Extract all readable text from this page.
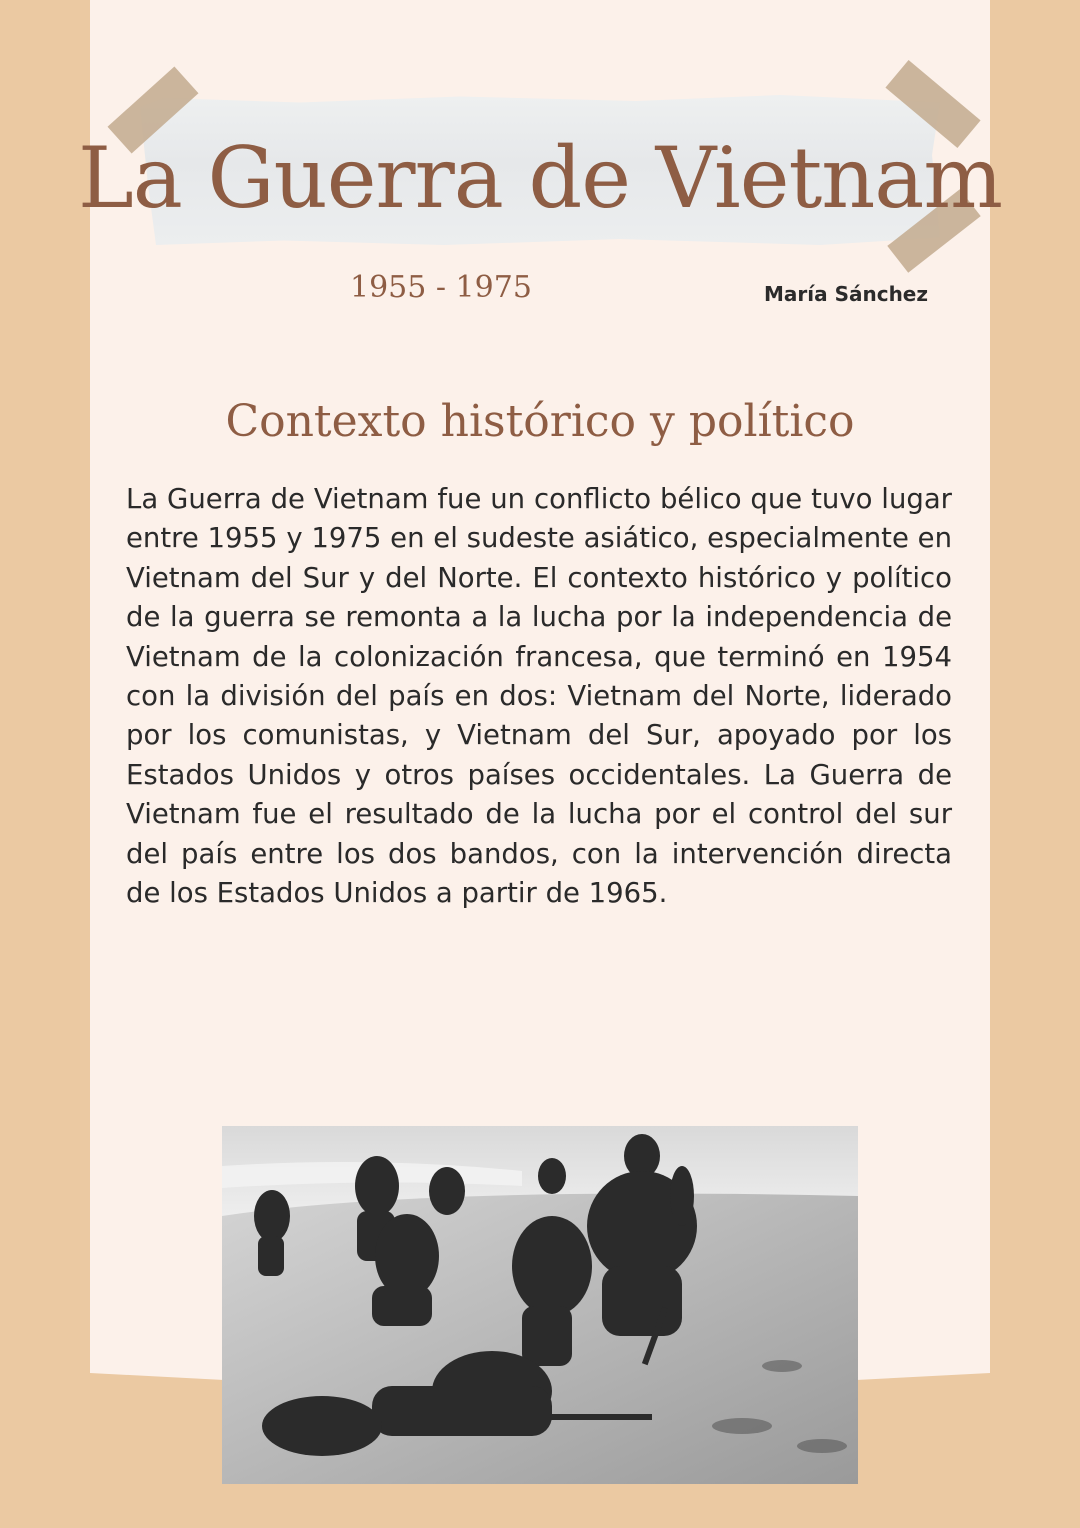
La Guerra de Vietnam
1955 - 1975	María Sánchez
Contexto histórico y político

La Guerra de Vietnam fue un conflicto bélico que tuvo lugar entre 1955 y 1975 en el sudeste asiático, especialmente en Vietnam del Sur y del Norte. El contexto histórico y político de la guerra se remonta a la lucha por la independencia de Vietnam de la colonización francesa, que terminó en 1954 con la división del país en dos: Vietnam del Norte, liderado por los comunistas, y Vietnam del Sur, apoyado por los Estados Unidos y otros países occidentales. La Guerra de Vietnam fue el resultado de la lucha por el control del sur del país entre los dos bandos, con la intervención directa de los Estados Unidos a partir de 1965.
